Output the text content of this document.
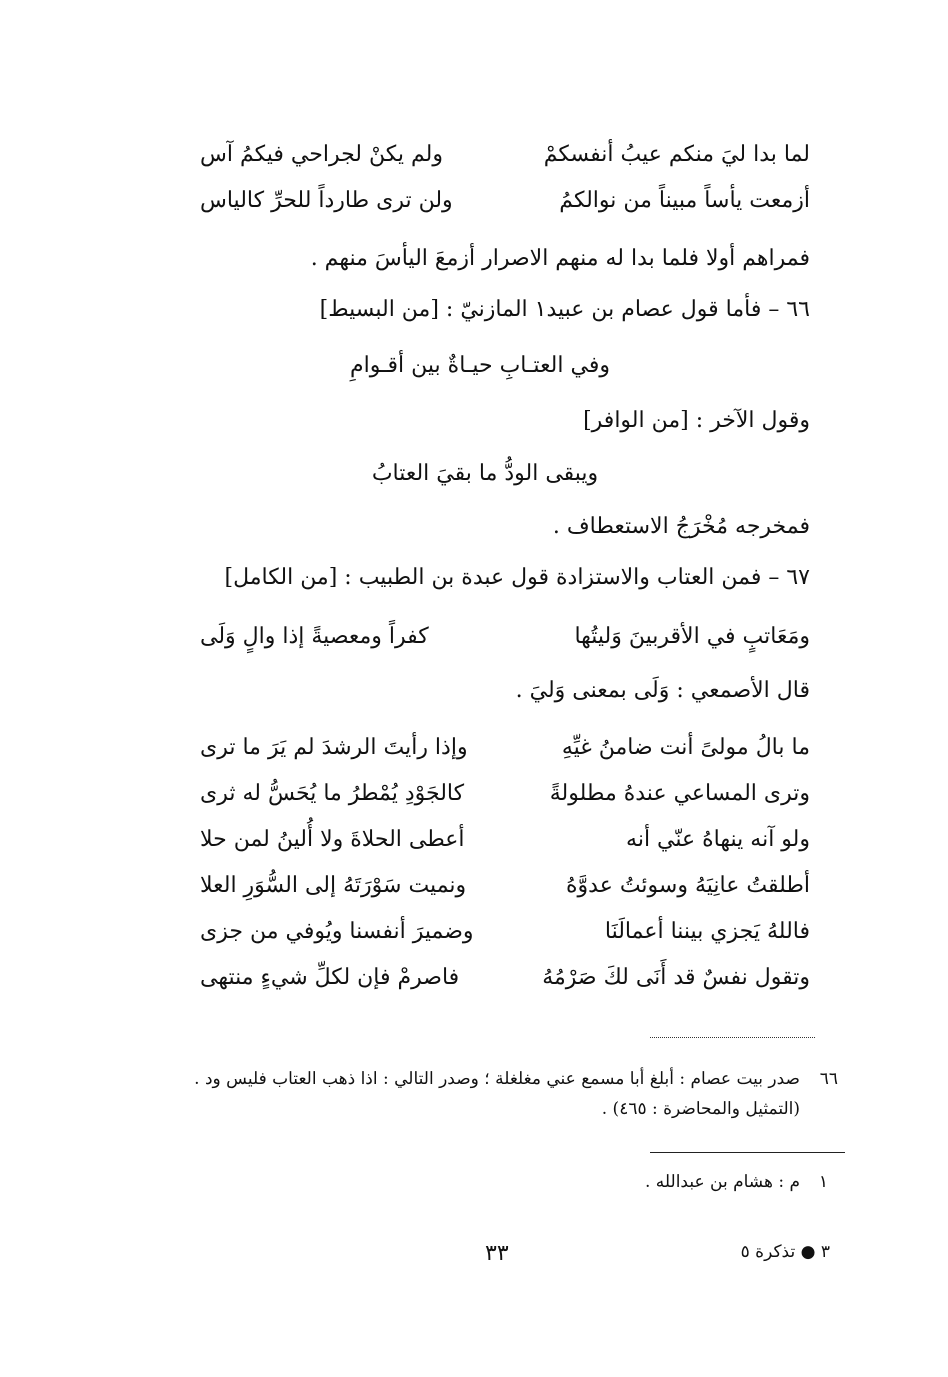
لما بدا ليَ منكم عيبُ أنفسكمْ
ولم يكنْ لجراحي فيكمُ آس
أزمعت يأساً مبيناً من نوالكمُ
ولن ترى طارداً للحرِّ كالياس
فمراهم أولا فلما بدا له منهم الاصرار أزمعَ اليأسَ منهم .
٦٦ – فأما قول عصام بن عبيد١ المازنيّ : [من البسيط]
وفي العتـابِ حيـاةٌ بين أقـوامِ
وقول الآخر : [من الوافر]
ويبقى الودُّ ما بقيَ العتابُ
فمخرجه مُخْرَجُ الاستعطاف .
٦٧ – فمن العتاب والاستزادة قول عبدة بن الطبيب : [من الكامل]
ومَعَاتبٍ في الأقربينَ وَليتُها
كفراً ومعصيةً إذا والٍ وَلَى
قال الأصمعي : وَلَى بمعنى وَليَ .
ما بالُ مولىً أنت ضامنُ غيِّهِ
وإذا رأيتَ الرشدَ لم يَرَ ما ترى
وترى المساعي عندهُ مطلولةً
كالجَوْدِ يُمْطرُ ما يُحَسُّ له ثرى
ولو آنه ينهاهُ عنّي أنه
أعطى الحلاةَ ولا أُلينُ لمن حلا
أطلقتُ عانِيَهُ وسوئتُ عدوَّهُ
ونميت سَوْرَتَهُ إلى السُّوَرِ العلا
فاللهُ يَجزي بيننا أعمالَنَا
وضميرَ أنفسنا ويُوفي من جزى
وتقول نفسٌ قد أَنَى لكَ صَرْمُهُ
فاصرمْ فإن لكلِّ شيءٍ منتهى
٦٦
صدر بيت عصام : أبلغ أبا مسمع عني مغلغلة ؛ وصدر التالي : اذا ذهب العتاب فليس ود .
(التمثيل والمحاضرة : ٤٦٥) .
١
م : هشام بن عبدالله .
٣٣	٣ ● تذكرة ٥
